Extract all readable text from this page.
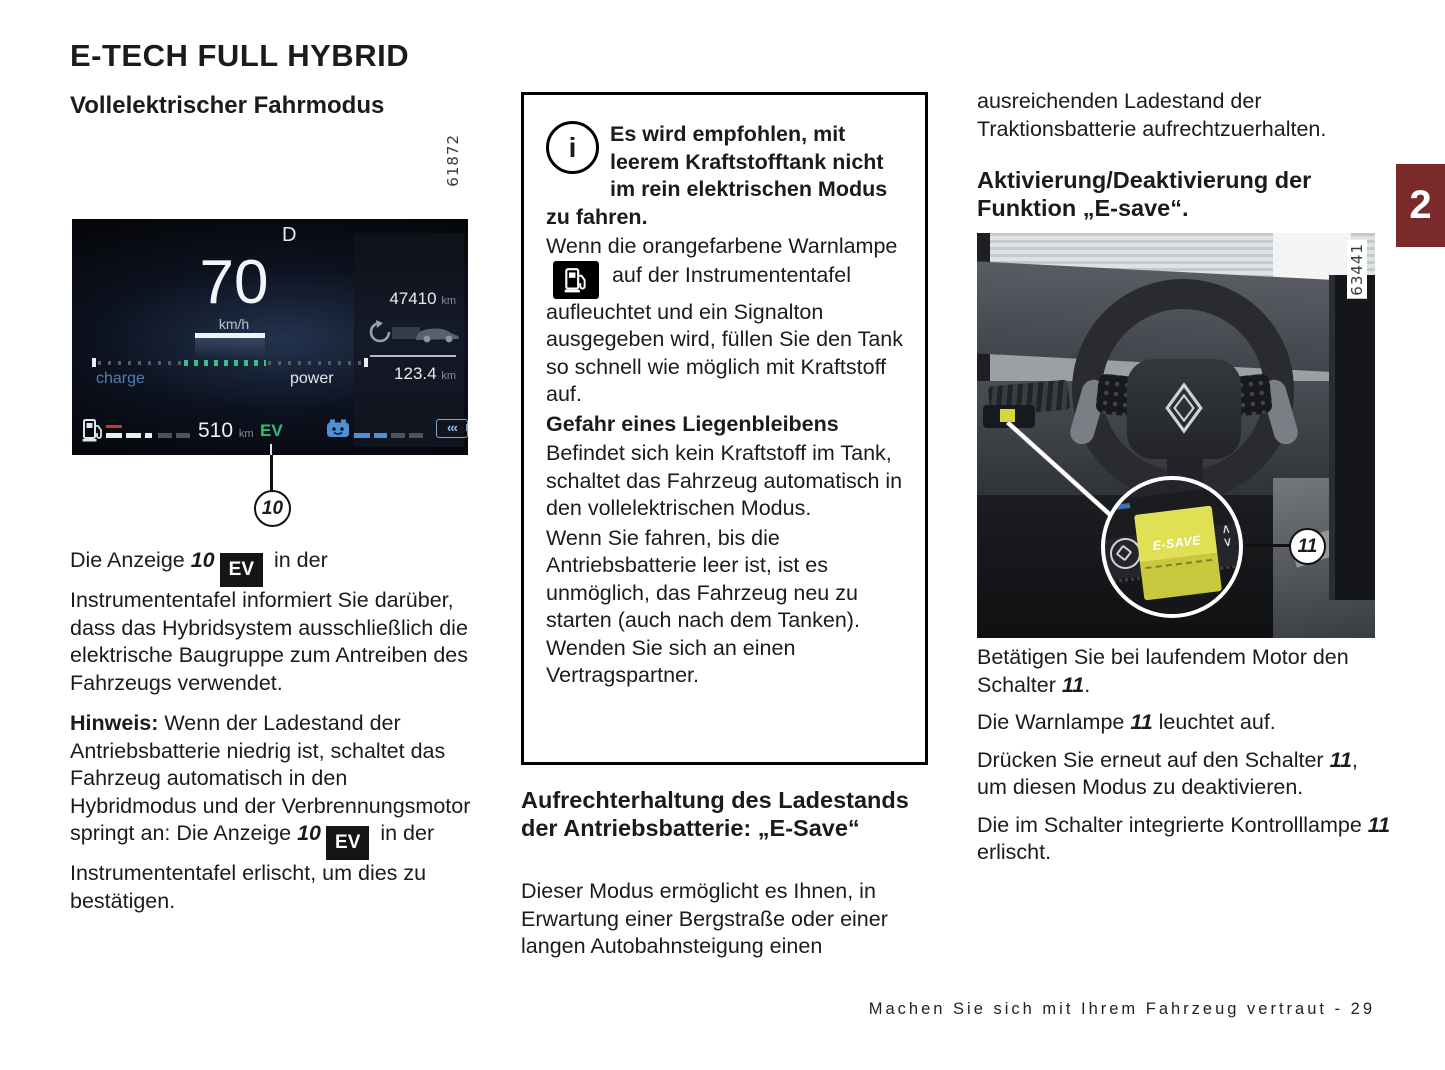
E-TECH FULL HYBRID
Vollelektrischer Fahrmodus
61872
D
70
km/h
47410 km
123.4 km
charge	power
510 km EV	‹‹‹
10

Die Anzeige 10 EV in der Instrumententafel informiert Sie darüber, dass das Hybridsystem ausschließlich die elektrische Baugruppe zum Antreiben des Fahrzeugs verwendet.

Hinweis: Wenn der Ladestand der Antriebsbatterie niedrig ist, schaltet das Fahrzeug automatisch in den Hybridmodus und der Verbrennungsmotor springt an: Die Anzeige 10 EV in der Instrumententafel erlischt, um dies zu bestätigen.

i	Es wird empfohlen, mit leerem Kraftstofftank nicht im rein elektrischen Modus zu fahren.

Wenn die orangefarbene Warnlampe
auf der Instrumententafel aufleuchtet und ein Signalton ausgegeben wird, füllen Sie den Tank so schnell wie möglich mit Kraftstoff auf.

Gefahr eines Liegenbleibens

Befindet sich kein Kraftstoff im Tank, schaltet das Fahrzeug automatisch in den vollelektrischen Modus.

Wenn Sie fahren, bis die Antriebsbatterie leer ist, ist es unmöglich, das Fahrzeug neu zu starten (auch nach dem Tanken). Wenden Sie sich an einen Vertragspartner.

Aufrechterhaltung des Ladestands der Antriebsbatterie: „E-Save“
Dieser Modus ermöglicht es Ihnen, in Erwartung einer Bergstraße oder einer langen Autobahnsteigung einen
ausreichenden Ladestand der Traktionsbatterie aufrechtzuerhalten.
Aktivierung/Deaktivierung der Funktion „E-save“.
E-SAVE
∧
∨
63441
11

Betätigen Sie bei laufendem Motor den Schalter 11.

Die Warnlampe 11 leuchtet auf.

Drücken Sie erneut auf den Schalter 11, um diesen Modus zu deaktivieren.

Die im Schalter integrierte Kontrolllampe 11 erlischt.

2
Machen Sie sich mit Ihrem Fahrzeug vertraut - 29
